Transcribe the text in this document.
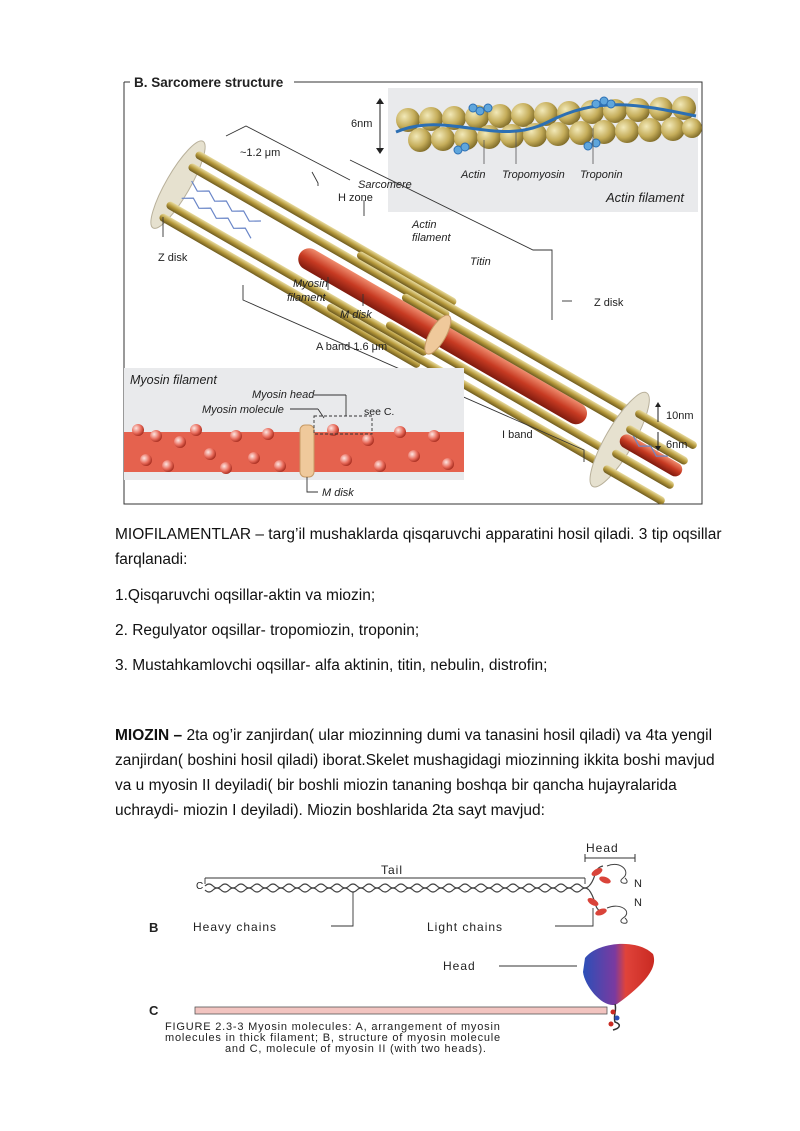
B. Sarcomere structure
6nm
Actin Tropomyosin Troponin
Actin filament
~1.2 μm
Sarcomere
H zone
Actin
filament
Titin
Z disk
Z disk
Myosin
filament
M disk
A band 1.6 μm
I band
10nm
6nm
Myosin filament
Myosin head
Myosin molecule	see C.
M disk

MIOFILAMENTLAR – targ’il mushaklarda qisqaruvchi apparatini hosil qiladi. 3 tip oqsillar farqlanadi:

1.Qisqaruvchi oqsillar-aktin va miozin;

2. Regulyator oqsillar- tropomiozin, troponin;

3. Mustahkamlovchi oqsillar- alfa aktinin, titin, nebulin, distrofin;

MIOZIN – 2ta og’ir zanjirdan( ular miozinning dumi va tanasini hosil qiladi) va 4ta yengil zanjirdan( boshini hosil qiladi) iborat.Skelet mushagidagi miozinning ikkita boshi mavjud va u myosin II deyiladi( bir boshli miozin tananing boshqa bir qancha hujayralarida uchraydi- miozin I deyiladi). Miozin boshlarida 2ta sayt mavjud:

Head
Tail
C	N
N
B	Heavy chains	Light chains
Head
C
FIGURE 2.3-3 Myosin molecules: A, arrangement of myosin
molecules in thick filament; B, structure of myosin molecule
and C, molecule of myosin II (with two heads).
